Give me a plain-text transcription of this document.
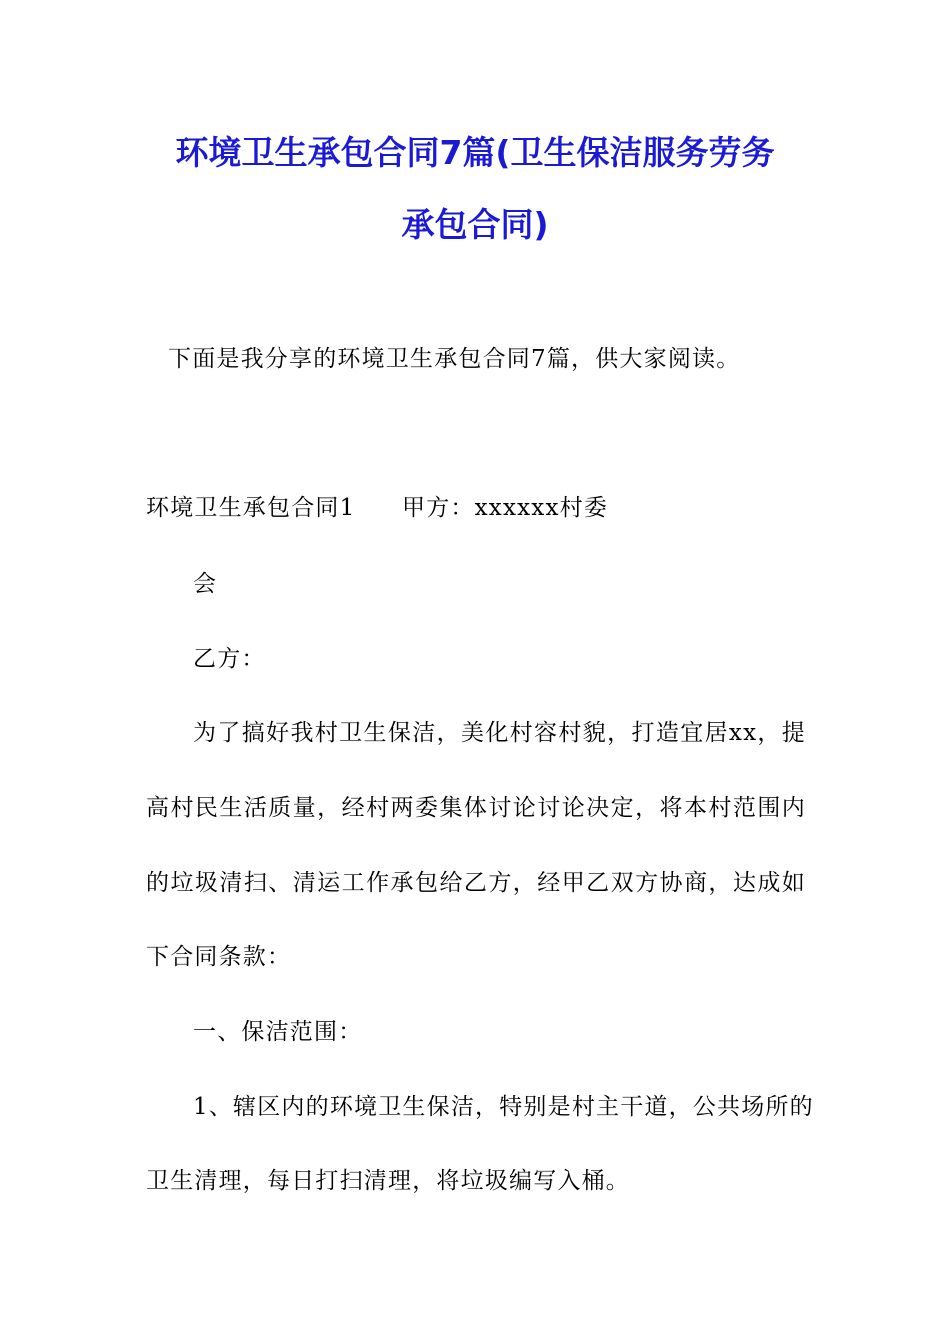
环境卫生承包合同7篇(卫生保洁服务劳务
承包合同)
下面是我分享的环境卫生承包合同7篇，供大家阅读。
环境卫生承包合同1 甲方：xxxxxx村委
会
乙方：
为了搞好我村卫生保洁，美化村容村貌，打造宜居xx，提
高村民生活质量，经村两委集体讨论讨论决定，将本村范围内
的垃圾清扫、清运工作承包给乙方，经甲乙双方协商，达成如
下合同条款：
一、保洁范围：
1、辖区内的环境卫生保洁，特别是村主干道，公共场所的
卫生清理，每日打扫清理，将垃圾编写入桶。
